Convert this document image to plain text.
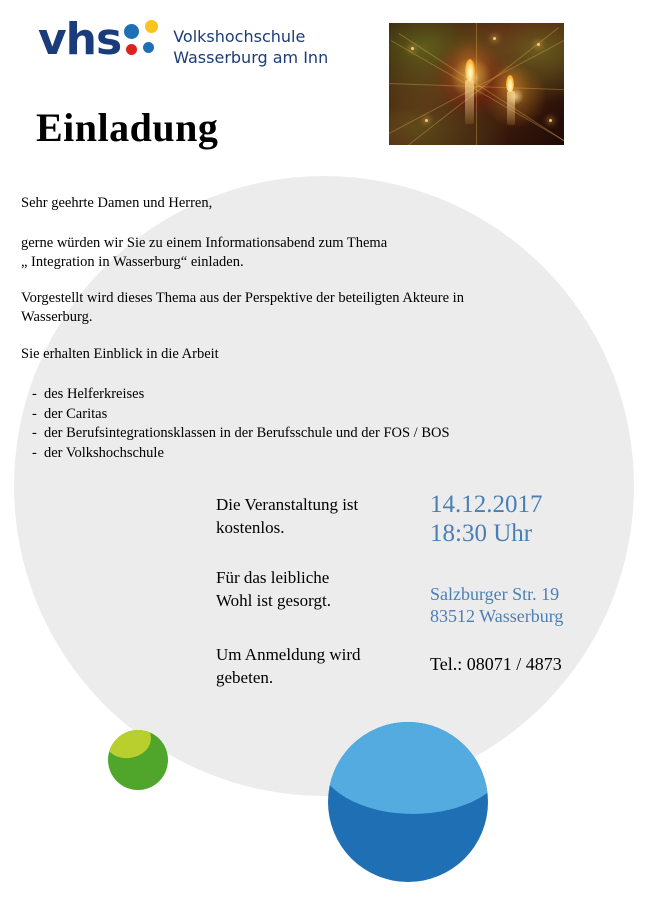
vhs	Volkshochschule
Wasserburg am Inn
Einladung
Sehr geehrte Damen und Herren,
gerne würden wir Sie zu einem Informationsabend zum Thema
„ Integration in Wasserburg“ einladen.
Vorgestellt wird dieses Thema aus der Perspektive der beteiligten Akteure in
Wasserburg.
Sie erhalten Einblick in die Arbeit
- des Helferkreises
- der Caritas
- der Berufsintegrationsklassen in der Berufsschule und der FOS / BOS
- der Volkshochschule
Die Veranstaltung ist
kostenlos.
Für das leibliche
Wohl ist gesorgt.
Um Anmeldung wird
gebeten.
14.12.2017
18:30 Uhr
Salzburger Str. 19
83512 Wasserburg
Tel.: 08071 / 4873
